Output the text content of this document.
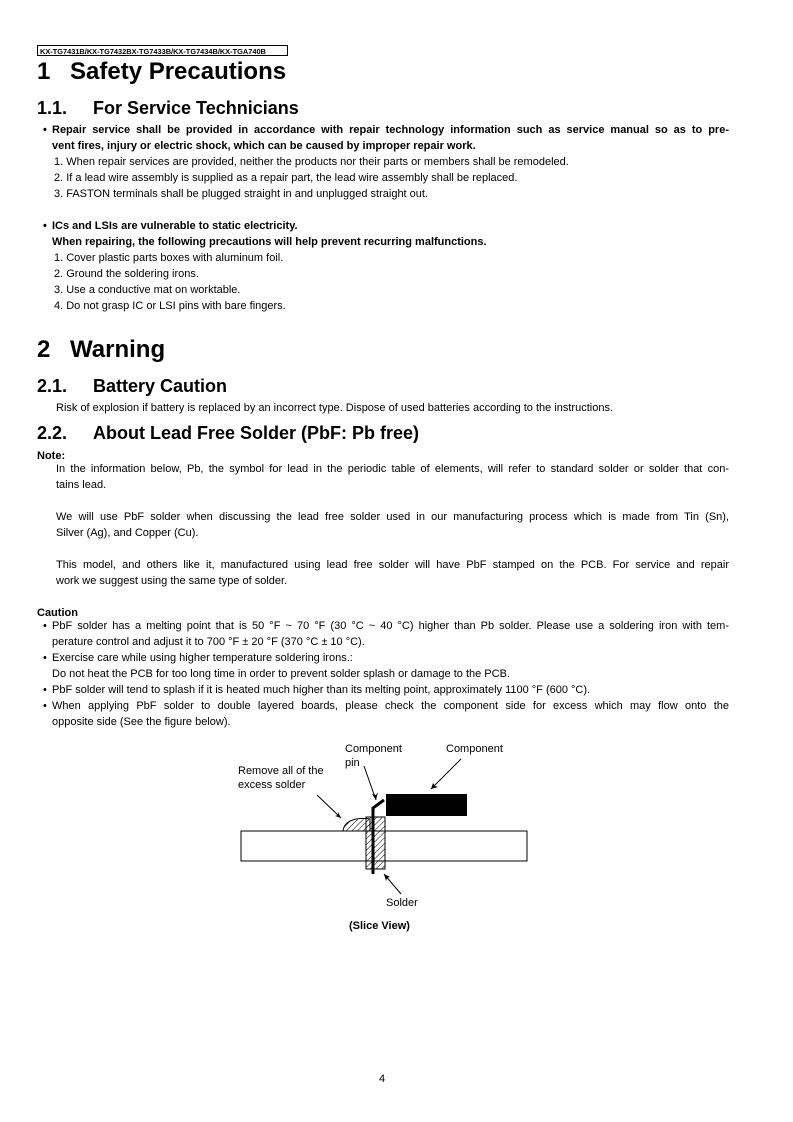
KX-TG7431B/KX-TG7432BX-TG7433B/KX-TG7434B/KX-TGA740B
1 Safety Precautions
1.1. For Service Technicians
• Repair service shall be provided in accordance with repair technology information such as service manual so as to pre-
vent fires, injury or electric shock, which can be caused by improper repair work.
1. When repair services are provided, neither the products nor their parts or members shall be remodeled.
2. If a lead wire assembly is supplied as a repair part, the lead wire assembly shall be replaced.
3. FASTON terminals shall be plugged straight in and unplugged straight out.
• ICs and LSIs are vulnerable to static electricity.
When repairing, the following precautions will help prevent recurring malfunctions.
1. Cover plastic parts boxes with aluminum foil.
2. Ground the soldering irons.
3. Use a conductive mat on worktable.
4. Do not grasp IC or LSI pins with bare fingers.
2 Warning
2.1. Battery Caution
Risk of explosion if battery is replaced by an incorrect type. Dispose of used batteries according to the instructions.
2.2. About Lead Free Solder (PbF: Pb free)
Note:
In the information below, Pb, the symbol for lead in the periodic table of elements, will refer to standard solder or solder that con-
tains lead.
We will use PbF solder when discussing the lead free solder used in our manufacturing process which is made from Tin (Sn),
Silver (Ag), and Copper (Cu).
This model, and others like it, manufactured using lead free solder will have PbF stamped on the PCB. For service and repair
work we suggest using the same type of solder.
Caution
• PbF solder has a melting point that is 50 °F ~ 70 °F (30 °C ~ 40 °C) higher than Pb solder. Please use a soldering iron with tem-
perature control and adjust it to 700 °F ± 20 °F (370 °C ± 10 °C).
• Exercise care while using higher temperature soldering irons.:
Do not heat the PCB for too long time in order to prevent solder splash or damage to the PCB.
• PbF solder will tend to splash if it is heated much higher than its melting point, approximately 1100 °F (600 °C).
• When applying PbF solder to double layered boards, please check the component side for excess which may flow onto the
opposite side (See the figure below).
Component
pin
Component
Remove all of the
excess solder
Solder
(Slice View)
4
